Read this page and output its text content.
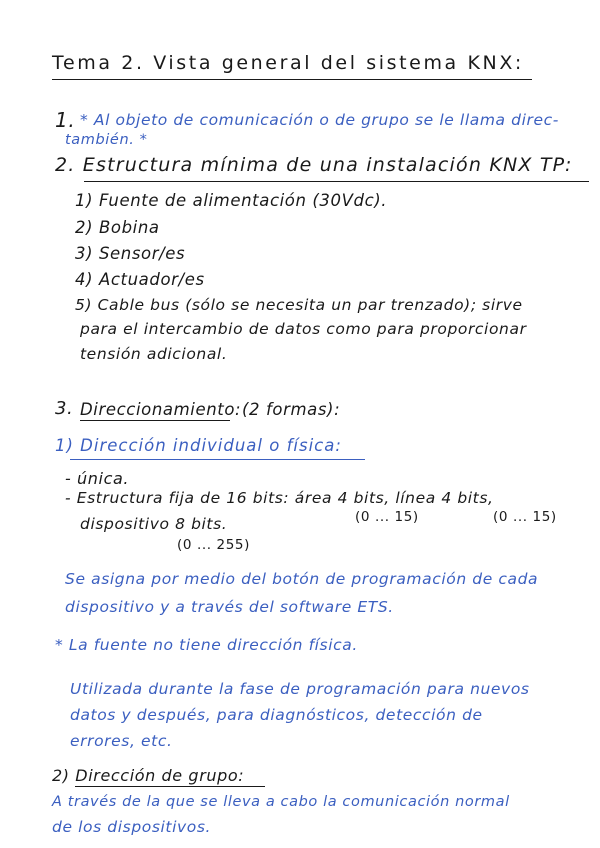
Tema 2. Vista general del sistema KNX:
1. * Al objeto de comunicación o de grupo se le llama direc-
también. *
2. Estructura mínima de una instalación KNX TP:
1) Fuente de alimentación (30Vdc).
2) Bobina
3) Sensor/es
4) Actuador/es
5) Cable bus (sólo se necesita un par trenzado); sirve
para el intercambio de datos como para proporcionar
tensión adicional.
3. Direccionamiento: (2 formas):
1) Dirección individual o física:
- única.
- Estructura fija de 16 bits: área 4 bits, línea 4 bits,
(0 ... 15)	(0 ... 15)
dispositivo 8 bits.
(0 ... 255)
Se asigna por medio del botón de programación de cada
dispositivo y a través del software ETS.
* La fuente no tiene dirección física.
Utilizada durante la fase de programación para nuevos
datos y después, para diagnósticos, detección de
errores, etc.
2) Dirección de grupo:
A través de la que se lleva a cabo la comunicación normal
de los dispositivos.
